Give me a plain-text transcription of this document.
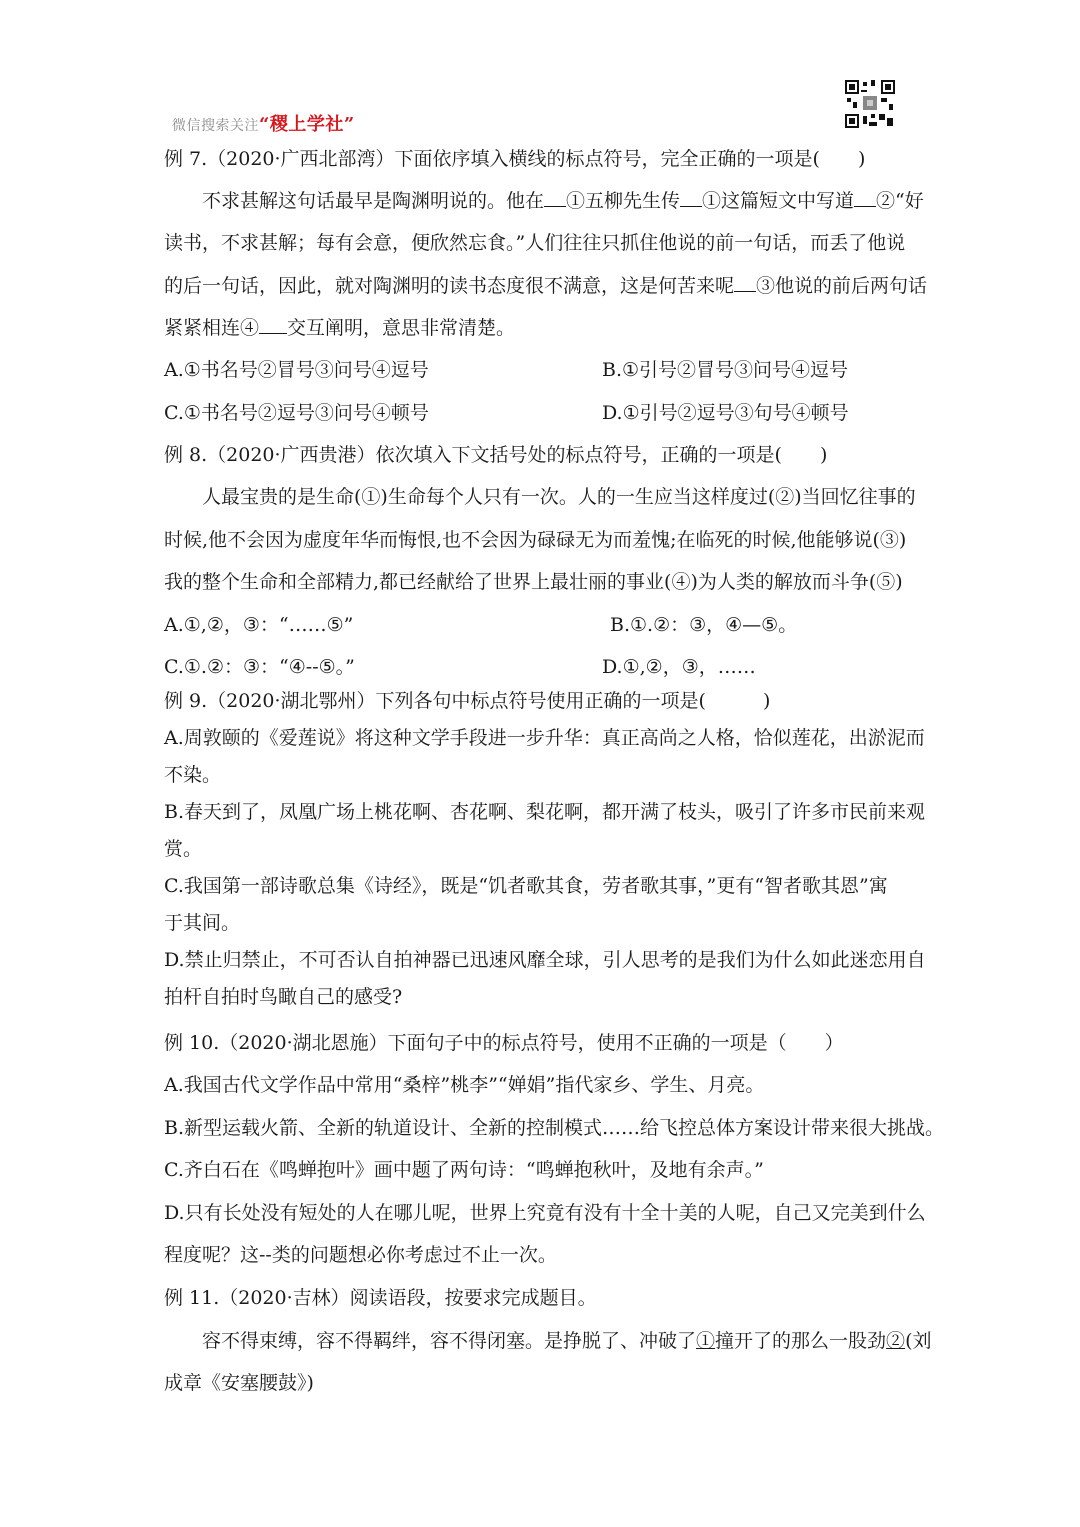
微信搜索关注“稷上学社”
例 7.（2020·广西北部湾）下面依序填入横线的标点符号，完全正确的一项是(　　)
不求甚解这句话最早是陶渊明说的。他在 ①五柳先生传 ①这篇短文中写道 ②“好
读书，不求甚解；每有会意，便欣然忘食。”人们往往只抓住他说的前一句话，而丢了他说
的后一句话，因此，就对陶渊明的读书态度很不满意，这是何苦来呢 ③他说的前后两句话
紧紧相连④ 交互阐明，意思非常清楚。
A.①书名号②冒号③问号④逗号	B.①引号②冒号③问号④逗号
C.①书名号②逗号③问号④顿号	D.①引号②逗号③句号④顿号
例 8.（2020·广西贵港）依次填入下文括号处的标点符号，正确的一项是(　　)
人最宝贵的是生命(①)生命每个人只有一次。人的一生应当这样度过(②)当回忆往事的
时候,他不会因为虚度年华而悔恨,也不会因为碌碌无为而羞愧;在临死的时候,他能够说(③)
我的整个生命和全部精力,都已经献给了世界上最壮丽的事业(④)为人类的解放而斗争(⑤)
A.①,②，③：“……⑤”	B.①.②：③，④—⑤。
C.①.②：③：“④--⑤。”	D.①,②，③，……
例 9.（2020·湖北鄂州）下列各句中标点符号使用正确的一项是(　　　)
A.周敦颐的《爱莲说》将这种文学手段进一步升华：真正高尚之人格，恰似莲花，出淤泥而
不染。
B.春天到了，凤凰广场上桃花啊、杏花啊、梨花啊，都开满了枝头，吸引了许多市民前来观
赏。
C.我国第一部诗歌总集《诗经》，既是“饥者歌其食，劳者歌其事，”更有“智者歌其恩”寓
于其间。
D.禁止归禁止，不可否认自拍神器已迅速风靡全球，引人思考的是我们为什么如此迷恋用自
拍杆自拍时鸟瞰自己的感受?
例 10.（2020·湖北恩施）下面句子中的标点符号，使用不正确的一项是（　　）
A.我国古代文学作品中常用“桑梓”桃李”“婵娟”指代家乡、学生、月亮。
B.新型运载火箭、全新的轨道设计、全新的控制模式……给飞控总体方案设计带来很大挑战。
C.齐白石在《鸣蝉抱叶》画中题了两句诗：“鸣蝉抱秋叶，及地有余声。”
D.只有长处没有短处的人在哪儿呢，世界上究竟有没有十全十美的人呢，自己又完美到什么
程度呢？这--类的问题想必你考虑过不止一次。
例 11.（2020·吉林）阅读语段，按要求完成题目。
容不得束缚，容不得羁绊，容不得闭塞。是挣脱了、冲破了①撞开了的那么一股劲②(刘
成章《安塞腰鼓》)
